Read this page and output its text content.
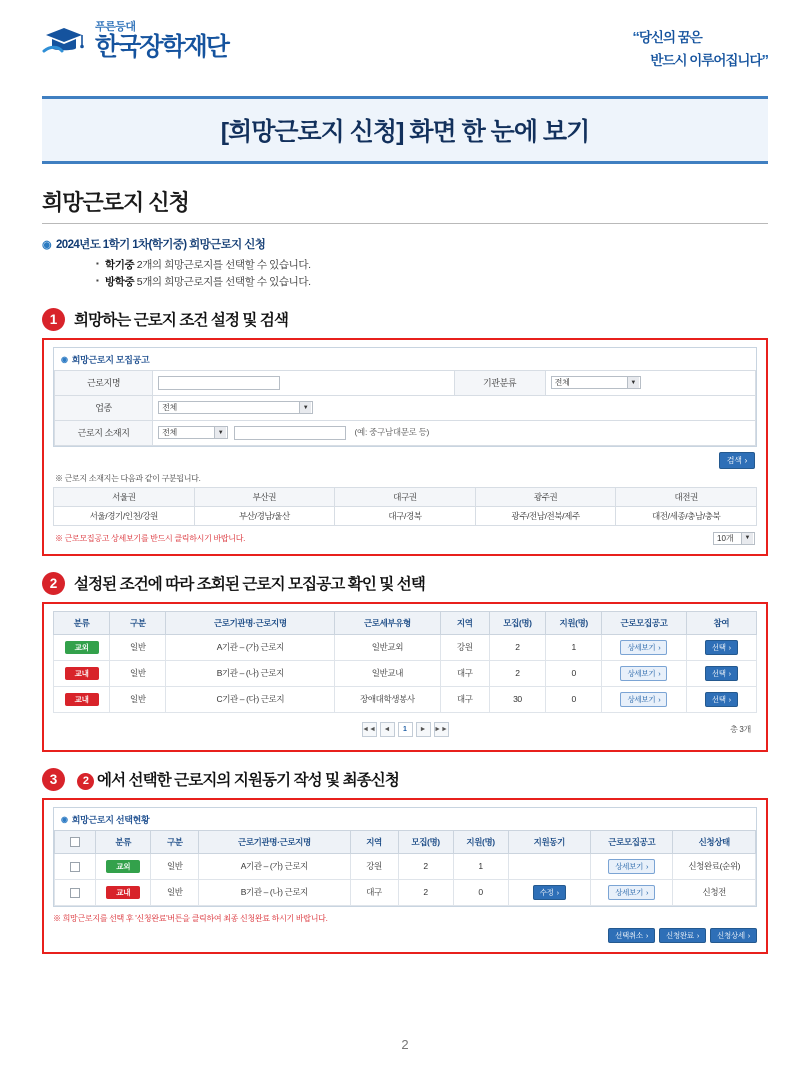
푸른등대
한국장학재단	“당신의 꿈은
반드시 이루어집니다”
[희망근로지 신청] 화면 한 눈에 보기
희망근로지 신청
◉ 2024년도 1학기 1차(학기중) 희망근로지 신청
▪ 학기중 2개의 희망근로지를 선택할 수 있습니다.
▪ 방학중 5개의 희망근로지를 선택할 수 있습니다.
1	희망하는 근로지 조건 설정 및 검색
◉ 희망근로지 모집공고
근로지명		기관분류	전체 ▼

업종	전체 ▼		

근로지 소재지	전체 ▼ (예: 중구남대문로 등)		
검색 ›
※ 근로지 소재지는 다음과 같이 구분됩니다.
서울권	부산권	대구권	광주권	대전권
서울/경기/인천/강원	부산/경남/울산	대구/경북	광주/전남/전북/제주	대전/세종/충남/충북
※ 근로모집공고 상세보기를 반드시 클릭하시기 바랍니다.	10개	▼
2	설정된 조건에 따라 조회된 근로지 모집공고 확인 및 선택
분류	구분	근로기관명·근로지명	근로세부유형	지역	모집(명)	지원(명)	근로모집공고	참여
교외	일반	A기관 – (가) 근로지	일반교외	강원	2	1	상세보기 ›	선택 ›

교내	일반	B기관 – (나) 근로지	일반교내	대구	2	0	상세보기 ›	선택 ›

교내	일반	C기관 – (다) 근로지	장애대학생봉사	대구	30	0	상세보기 ›	선택 ›
◄◄	◄	1	►	►►	총 3개
3	2 에서 선택한 근로지의 지원동기 작성 및 최종신청
◉ 희망근로지 선택현황
	분류	구분	근로기관명·근로지명	지역	모집(명)	지원(명)	지원동기	근로모집공고	신청상태
	교외	일반	A기관 – (가) 근로지	강원	2	1		상세보기 ›	신청완료(순위)
	교내	일반	B기관 – (나) 근로지	대구	2	0	수정 ›	상세보기 ›	신청전
※ 희망근로지를 선택 후 '신청완료'버튼을 클릭하여 최종 신청완료 하시기 바랍니다.
선택취소 › 신청완료 › 신청상세 ›
2
